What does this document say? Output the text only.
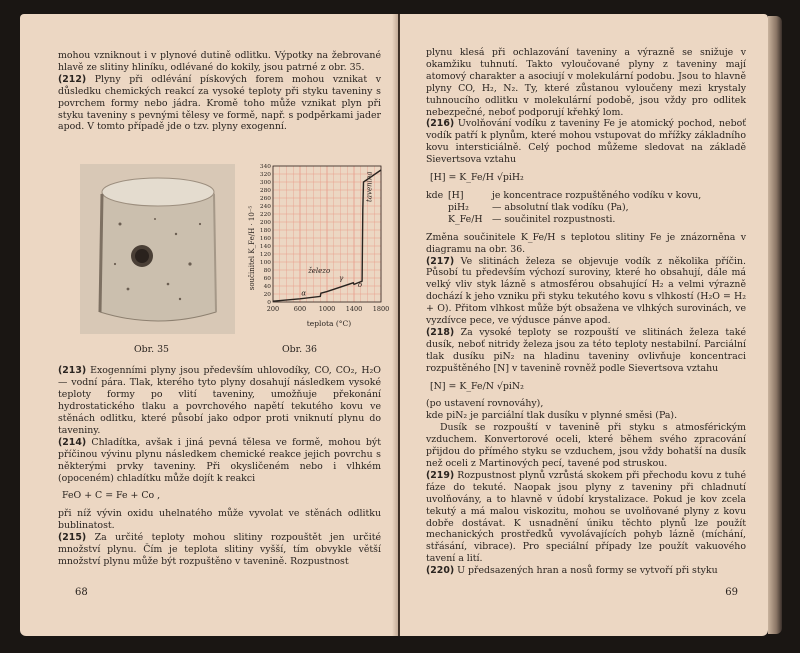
mohou vzniknout i v plynové dutině odlitku. Výpotky na žebrované hlavě ze slitiny hliníku, odlévané do kokily, jsou patrné z obr. 35.

(212) Plyny při odlévání pískových forem mohou vznikat v důsledku chemických reakcí za vysoké teploty při styku taveniny s povrchem formy nebo jádra. Kromě toho může vznikat plyn při styku taveniny s pevnými tělesy ve formě, např. s podpěrkami jader apod. V tomto případě jde o tzv. plyny exogenní.

(213) Exogenními plyny jsou především uhlovodíky, CO, CO₂, H₂O — vodní pára. Tlak, kterého tyto plyny dosahují následkem vysoké teploty formy po vlití taveniny, umožňuje překonání hydrostatického tlaku a povrchového napětí tekutého kovu ve stěnách odlitku, které působí jako odpor proti vniknutí plynu do taveniny.

(214) Chladítka, avšak i jiná pevná tělesa ve formě, mohou být příčinou vývinu plynu následkem chemické reakce jejich povrchu s některými prvky taveniny. Při okysličeném nebo i vlhkém (opoceném) chladítku může dojít k reakci

FeO + C = Fe + Co ,

při níž vývin oxidu uhelnatého může vyvolat ve stěnách odlitku bublinatost.

(215) Za určité teploty mohou slitiny rozpouštět jen určité množství plynu. Čím je teplota slitiny vyšší, tím obvykle větší množství plynu může být rozpuštěno v tavenině. Rozpustnost

Obr. 35
200 600 1000 1400 1800
0
20
40
60
80
100
120
140
160
180
200
220
240
260
280
300
320
340
součinitel K_Fe/H · 10⁻⁵
teplota (°C)
železo
α
γ
δ
tavenina
Obr. 36
68

plynu klesá při ochlazování taveniny a výrazně se snižuje v okamžiku tuhnutí. Takto vyloučované plyny z taveniny mají atomový charakter a asociují v molekulární podobu. Jsou to hlavně plyny CO, H₂, N₂. Ty, které zůstanou vyloučeny mezi krystaly tuhnoucího odlitku v molekulární podobě, jsou vždy pro odlitek nebezpečné, neboť podporují křehký lom.

(216) Uvolňování vodíku z taveniny Fe je atomický pochod, neboť vodík patří k plynům, které mohou vstupovat do mřížky základního kovu intersticiálně. Celý pochod můžeme sledovat na základě Sievertsova vztahu

[H] = K_Fe/H √piH₂

kde [H]	je koncentrace rozpuštěného vodíku v kovu,
piH₂	— absolutní tlak vodíku (Pa),
K_Fe/H	— součinitel rozpustnosti.

Změna součinitele K_Fe/H s teplotou slitiny Fe je znázorněna v diagramu na obr. 36.

(217) Ve slitinách železa se objevuje vodík z několika příčin. Působí tu především výchozí suroviny, které ho obsahují, dále má velký vliv styk lázně s atmosférou obsahující H₂ a velmi výrazně dochází k jeho vzniku při styku tekutého kovu s vlhkostí (H₂O = H₂ + O). Přitom vlhkost může být obsažena ve vlhkých surovinách, ve vyzdívce pece, ve výdusce pánve apod.

(218) Za vysoké teploty se rozpouští ve slitinách železa také dusík, neboť nitridy železa jsou za této teploty nestabilní. Parciální tlak dusíku piN₂ na hladinu taveniny ovlivňuje koncentraci rozpuštěného [N] v tavenině rovněž podle Sievertsova vztahu

[N] = K_Fe/N √piN₂

(po ustavení rovnováhy),

kde piN₂ je parciální tlak dusíku v plynné směsi (Pa).

Dusík se rozpouští v tavenině při styku s atmosférickým vzduchem. Konvertorové oceli, které během svého zpracování přijdou do přímého styku se vzduchem, jsou vždy bohatší na dusík než oceli z Martinových pecí, tavené pod struskou.

(219) Rozpustnost plynů vzrůstá skokem při přechodu kovu z tuhé fáze do tekuté. Naopak jsou plyny z taveniny při chladnutí uvolňovány, a to hlavně v údobí krystalizace. Pokud je kov zcela tekutý a má malou viskozitu, mohou se uvolňované plyny z kovu dobře dostávat. K usnadnění úniku těchto plynů lze použít mechanických prostředků vyvolávajících pohyb lázně (míchání, střásání, vibrace). Pro speciální případy lze použít vakuového tavení a lití.

(220) U předsazených hran a nosů formy se vytvoří při styku

69
